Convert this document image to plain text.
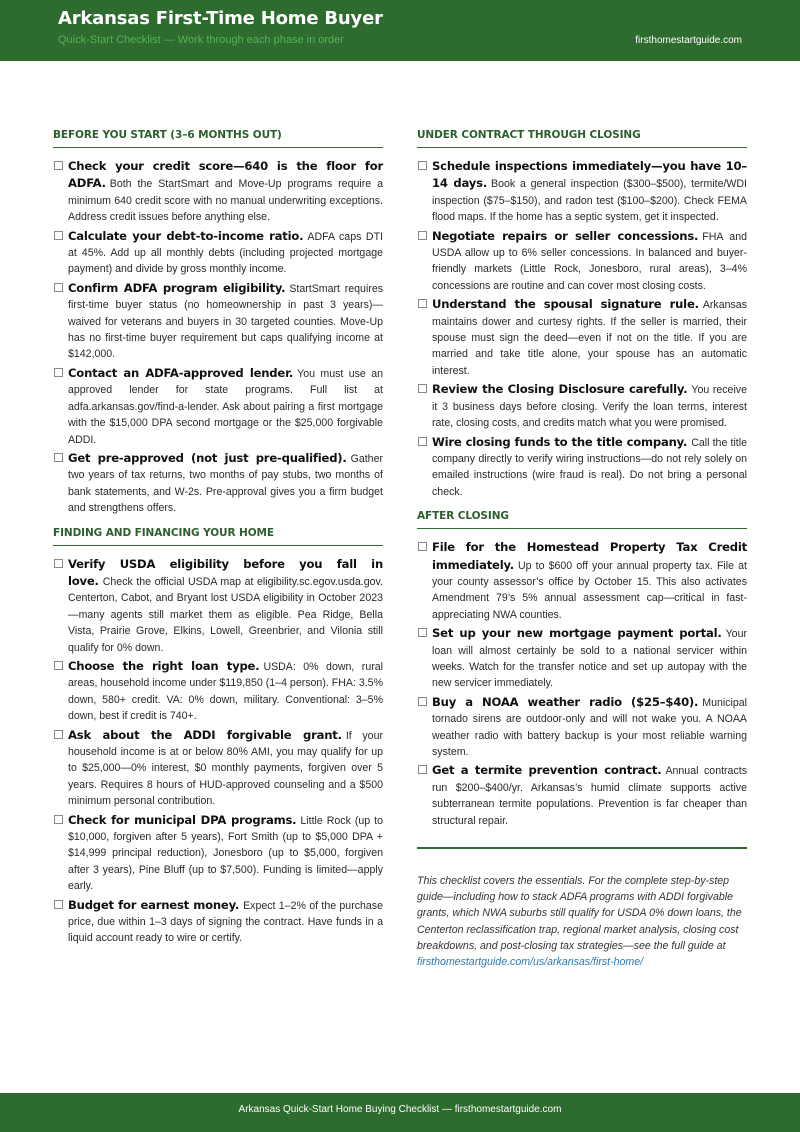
Arkansas First-Time Home Buyer
Quick-Start Checklist — Work through each phase in order	firsthomestartguide.com
BEFORE YOU START (3–6 MONTHS OUT)
Check your credit score—640 is the floor for ADFA. Both the StartSmart and Move-Up programs require a minimum 640 credit score with no manual underwriting exceptions. Address credit issues before anything else.
Calculate your debt-to-income ratio. ADFA caps DTI at 45%. Add up all monthly debts (including projected mortgage payment) and divide by gross monthly income.
Confirm ADFA program eligibility. StartSmart requires first-time buyer status (no homeownership in past 3 years)—waived for veterans and buyers in 30 targeted counties. Move-Up has no first-time buyer requirement but caps qualifying income at $142,000.
Contact an ADFA-approved lender. You must use an approved lender for state programs. Full list at adfa.arkansas.gov/find-a-lender. Ask about pairing a first mortgage with the $15,000 DPA second mortgage or the $25,000 forgivable ADDI.
Get pre-approved (not just pre-qualified). Gather two years of tax returns, two months of pay stubs, two months of bank statements, and W-2s. Pre-approval gives you a firm budget and strengthens offers.
FINDING AND FINANCING YOUR HOME
Verify USDA eligibility before you fall in love. Check the official USDA map at eligibility.sc.egov.usda.gov. Centerton, Cabot, and Bryant lost USDA eligibility in October 2023—many agents still market them as eligible. Pea Ridge, Bella Vista, Prairie Grove, Elkins, Lowell, Greenbrier, and Vilonia still qualify for 0% down.
Choose the right loan type. USDA: 0% down, rural areas, household income under $119,850 (1–4 person). FHA: 3.5% down, 580+ credit. VA: 0% down, military. Conventional: 3–5% down, best if credit is 740+.
Ask about the ADDI forgivable grant. If your household income is at or below 80% AMI, you may qualify for up to $25,000—0% interest, $0 monthly payments, forgiven over 5 years. Requires 8 hours of HUD-approved counseling and a $500 minimum personal contribution.
Check for municipal DPA programs. Little Rock (up to $10,000, forgiven after 5 years), Fort Smith (up to $5,000 DPA + $14,999 principal reduction), Jonesboro (up to $5,000, forgiven after 3 years), Pine Bluff (up to $7,500). Funding is limited—apply early.
Budget for earnest money. Expect 1–2% of the purchase price, due within 1–3 days of signing the contract. Have funds in a liquid account ready to wire or certify.
UNDER CONTRACT THROUGH CLOSING
Schedule inspections immediately—you have 10–14 days. Book a general inspection ($300–$500), termite/WDI inspection ($75–$150), and radon test ($100–$200). Check FEMA flood maps. If the home has a septic system, get it inspected.
Negotiate repairs or seller concessions. FHA and USDA allow up to 6% seller concessions. In balanced and buyer-friendly markets (Little Rock, Jonesboro, rural areas), 3–4% concessions are routine and can cover most closing costs.
Understand the spousal signature rule. Arkansas maintains dower and curtesy rights. If the seller is married, their spouse must sign the deed—even if not on the title. If you are married and take title alone, your spouse has an automatic interest.
Review the Closing Disclosure carefully. You receive it 3 business days before closing. Verify the loan terms, interest rate, closing costs, and credits match what you were promised.
Wire closing funds to the title company. Call the title company directly to verify wiring instructions—do not rely solely on emailed instructions (wire fraud is real). Do not bring a personal check.
AFTER CLOSING
File for the Homestead Property Tax Credit immediately. Up to $600 off your annual property tax. File at your county assessor’s office by October 15. This also activates Amendment 79’s 5% annual assessment cap—critical in fast-appreciating NWA counties.
Set up your new mortgage payment portal. Your loan will almost certainly be sold to a national servicer within weeks. Watch for the transfer notice and set up autopay with the new servicer immediately.
Buy a NOAA weather radio ($25–$40). Municipal tornado sirens are outdoor-only and will not wake you. A NOAA weather radio with battery backup is your most reliable warning system.
Get a termite prevention contract. Annual contracts run $200–$400/yr. Arkansas’s humid climate supports active subterranean termite populations. Prevention is far cheaper than structural repair.

This checklist covers the essentials. For the complete step-by-step guide—including how to stack ADFA programs with ADDI forgivable grants, which NWA suburbs still qualify for USDA 0% down loans, the Centerton reclassification trap, regional market analysis, closing cost breakdowns, and post-closing tax strategies—see the full guide at firsthomestartguide.com/us/arkansas/first-home/

Arkansas Quick-Start Home Buying Checklist — firsthomestartguide.com
